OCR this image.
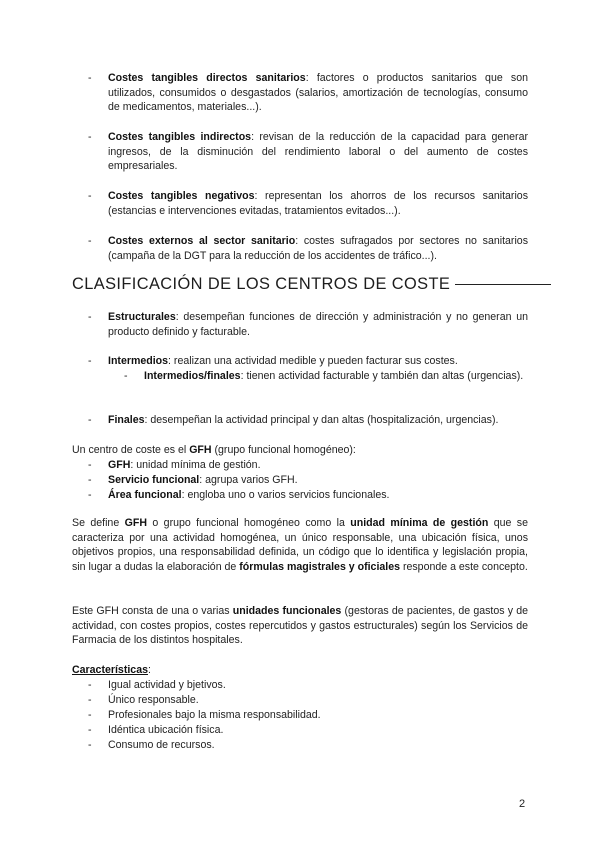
- Costes tangibles directos sanitarios: factores o productos sanitarios que son utilizados, consumidos o desgastados (salarios, amortización de tecnologías, consumo de medicamentos, materiales...).
- Costes tangibles indirectos: revisan de la reducción de la capacidad para generar ingresos, de la disminución del rendimiento laboral o del aumento de costes empresariales.
- Costes tangibles negativos: representan los ahorros de los recursos sanitarios (estancias e intervenciones evitadas, tratamientos evitados...).
- Costes externos al sector sanitario: costes sufragados por sectores no sanitarios (campaña de la DGT para la reducción de los accidentes de tráfico...).
CLASIFICACIÓN DE LOS CENTROS DE COSTE
- Estructurales: desempeñan funciones de dirección y administración y no generan un producto definido y facturable.
- Intermedios: realizan una actividad medible y pueden facturar sus costes.
- Intermedios/finales: tienen actividad facturable y también dan altas (urgencias).
- Finales: desempeñan la actividad principal y dan altas (hospitalización, urgencias).
Un centro de coste es el GFH (grupo funcional homogéneo):
- GFH: unidad mínima de gestión.
- Servicio funcional: agrupa varios GFH.
- Área funcional: engloba uno o varios servicios funcionales.
Se define GFH o grupo funcional homogéneo como la unidad mínima de gestión que se caracteriza por una actividad homogénea, un único responsable, una ubicación física, unos objetivos propios, una responsabilidad definida, un código que lo identifica y legislación propia, sin lugar a dudas la elaboración de fórmulas magistrales y oficiales responde a este concepto.
Este GFH consta de una o varias unidades funcionales (gestoras de pacientes, de gastos y de actividad, con costes propios, costes repercutidos y gastos estructurales) según los Servicios de Farmacia de los distintos hospitales.
Características:
- Igual actividad y bjetivos.
- Único responsable.
- Profesionales bajo la misma responsabilidad.
- Idéntica ubicación física.
- Consumo de recursos.
2
